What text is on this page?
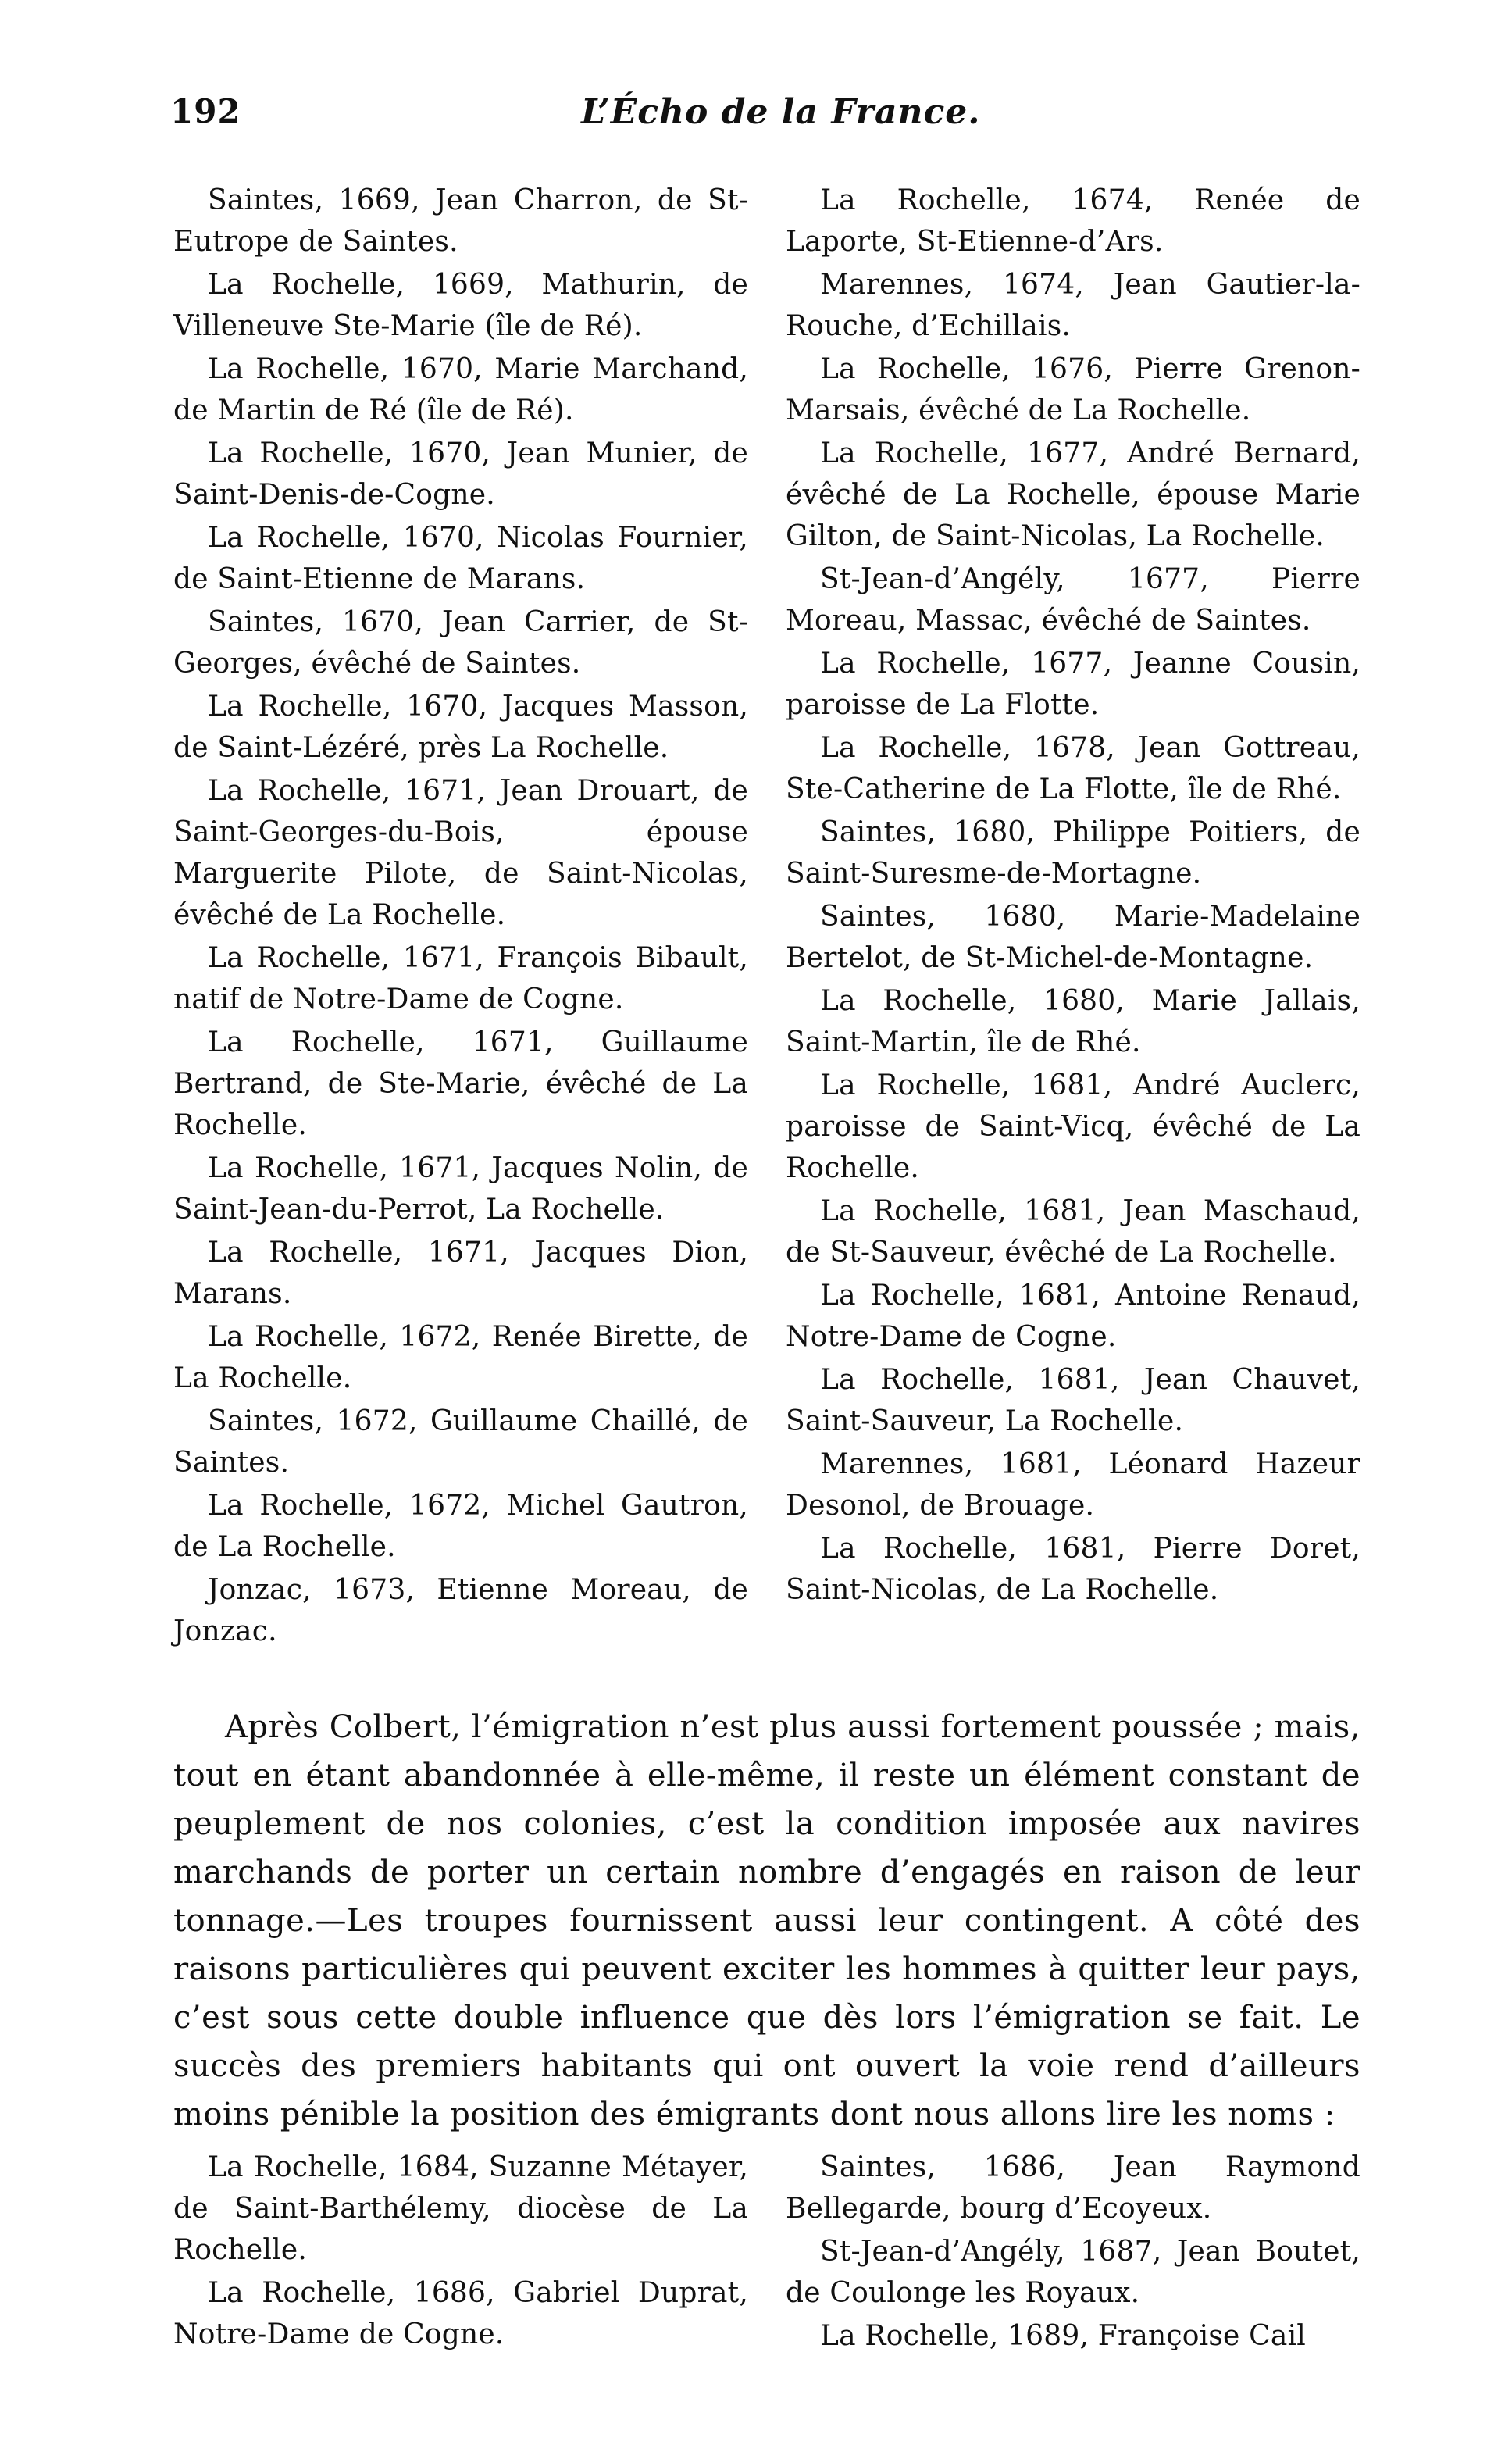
192	L’Écho de la France.

Saintes, 1669, Jean Charron, de St-Eutrope de Saintes.

La Rochelle, 1669, Mathurin, de Villeneuve Ste-Marie (île de Ré).

La Rochelle, 1670, Marie Marchand, de Martin de Ré (île de Ré).

La Rochelle, 1670, Jean Munier, de Saint-Denis-de-Cogne.

La Rochelle, 1670, Nicolas Fournier, de Saint-Etienne de Marans.

Saintes, 1670, Jean Carrier, de St-Georges, évêché de Saintes.

La Rochelle, 1670, Jacques Masson, de Saint-Lézéré, près La Rochelle.

La Rochelle, 1671, Jean Drouart, de Saint-Georges-du-Bois, épouse Marguerite Pilote, de Saint-Nicolas, évêché de La Rochelle.

La Rochelle, 1671, François Bibault, natif de Notre-Dame de Cogne.

La Rochelle, 1671, Guillaume Bertrand, de Ste-Marie, évêché de La Rochelle.

La Rochelle, 1671, Jacques Nolin, de Saint-Jean-du-Perrot, La Rochelle.

La Rochelle, 1671, Jacques Dion, Marans.

La Rochelle, 1672, Renée Birette, de La Rochelle.

Saintes, 1672, Guillaume Chaillé, de Saintes.

La Rochelle, 1672, Michel Gautron, de La Rochelle.

Jonzac, 1673, Etienne Moreau, de Jonzac.

La Rochelle, 1674, Renée de Laporte, St-Etienne-d’Ars.

Marennes, 1674, Jean Gautier-la-Rouche, d’Echillais.

La Rochelle, 1676, Pierre Grenon-Marsais, évêché de La Rochelle.

La Rochelle, 1677, André Bernard, évêché de La Rochelle, épouse Marie Gilton, de Saint-Nicolas, La Rochelle.

St-Jean-d’Angély, 1677, Pierre Moreau, Massac, évêché de Saintes.

La Rochelle, 1677, Jeanne Cousin, paroisse de La Flotte.

La Rochelle, 1678, Jean Gottreau, Ste-Catherine de La Flotte, île de Rhé.

Saintes, 1680, Philippe Poitiers, de Saint-Suresme-de-Mortagne.

Saintes, 1680, Marie-Madelaine Bertelot, de St-Michel-de-Montagne.

La Rochelle, 1680, Marie Jallais, Saint-Martin, île de Rhé.

La Rochelle, 1681, André Auclerc, paroisse de Saint-Vicq, évêché de La Rochelle.

La Rochelle, 1681, Jean Maschaud, de St-Sauveur, évêché de La Rochelle.

La Rochelle, 1681, Antoine Renaud, Notre-Dame de Cogne.

La Rochelle, 1681, Jean Chauvet, Saint-Sauveur, La Rochelle.

Marennes, 1681, Léonard Hazeur Desonol, de Brouage.

La Rochelle, 1681, Pierre Doret, Saint-Nicolas, de La Rochelle.

Après Colbert, l’émigration n’est plus aussi fortement poussée ; mais, tout en étant abandonnée à elle-même, il reste un élément constant de peuplement de nos colonies, c’est la condition imposée aux navires marchands de porter un certain nombre d’engagés en raison de leur tonnage.—Les troupes fournissent aussi leur contingent. A côté des raisons particulières qui peuvent exciter les hommes à quitter leur pays, c’est sous cette double influence que dès lors l’émigration se fait. Le succès des premiers habitants qui ont ouvert la voie rend d’ailleurs moins pénible la position des émigrants dont nous allons lire les noms :

La Rochelle, 1684, Suzanne Métayer, de Saint-Barthélemy, diocèse de La Rochelle.

La Rochelle, 1686, Gabriel Duprat, Notre-Dame de Cogne.

Saintes, 1686, Jean Raymond Bellegarde, bourg d’Ecoyeux.

St-Jean-d’Angély, 1687, Jean Boutet, de Coulonge les Royaux.

La Rochelle, 1689, Françoise Cail
